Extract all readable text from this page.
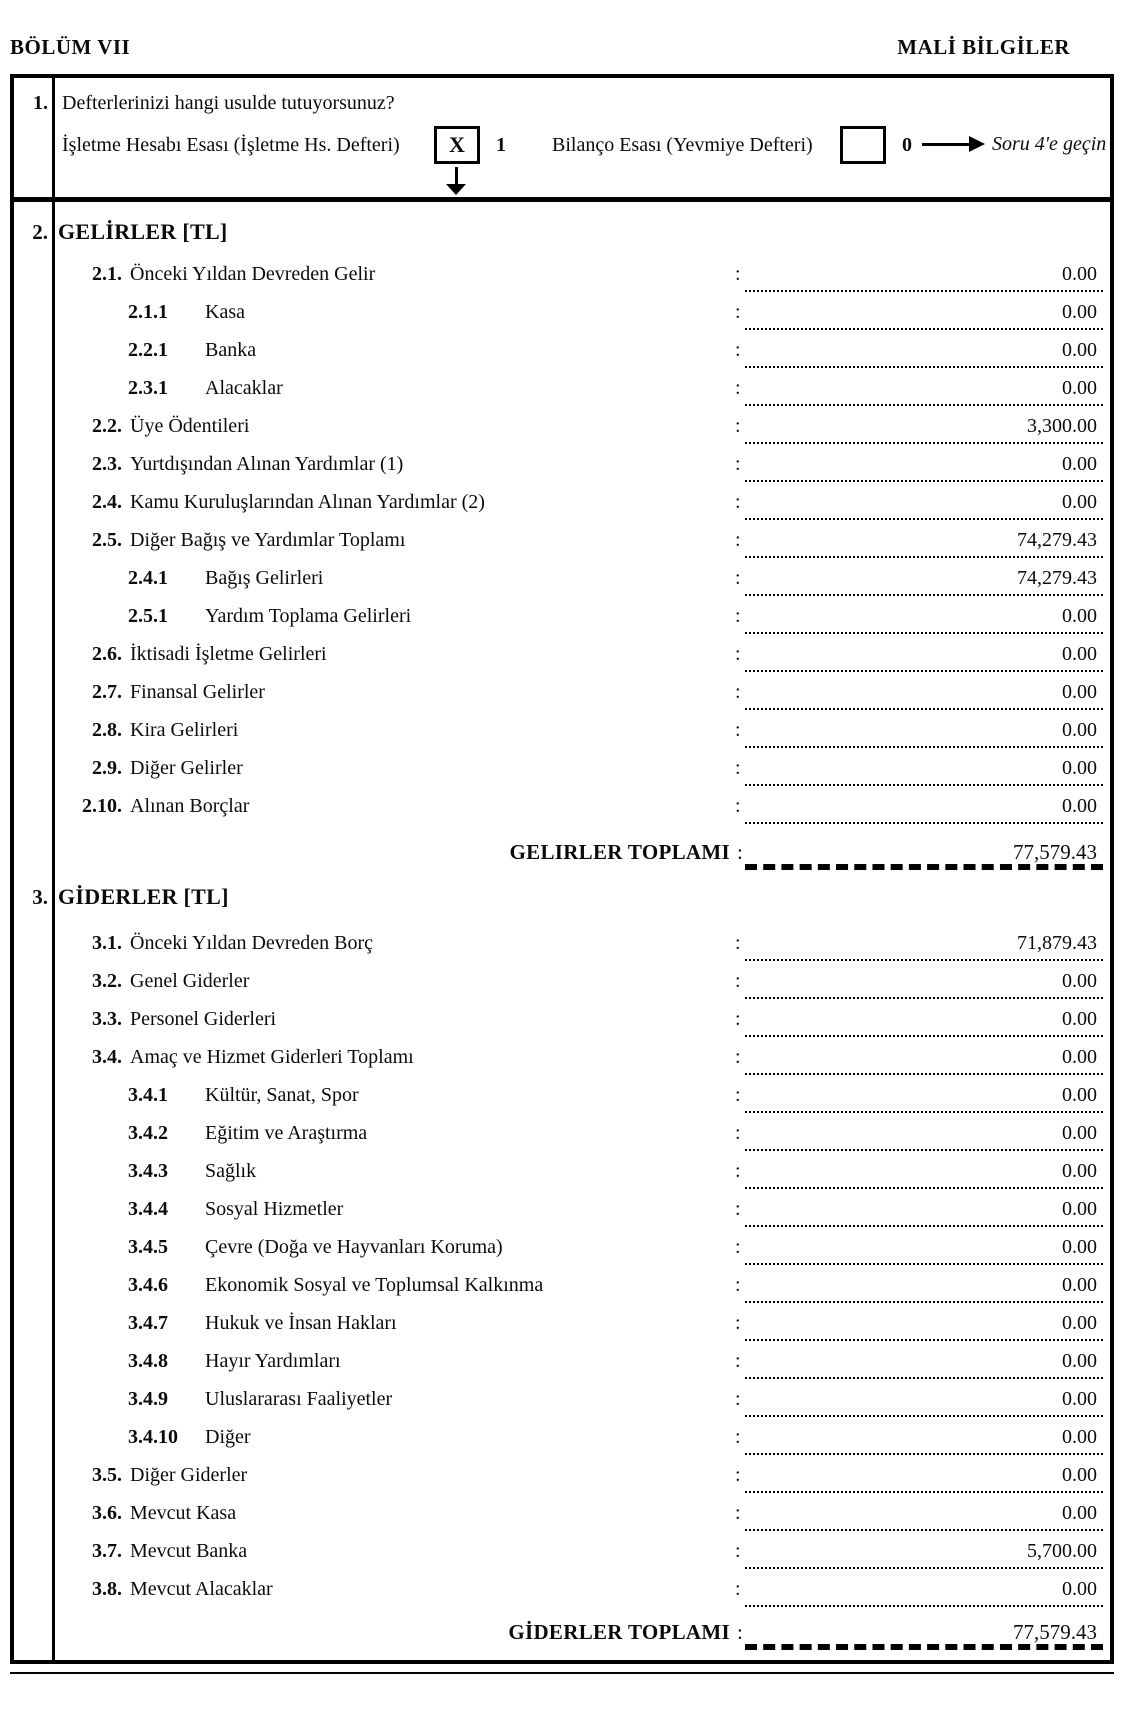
BÖLÜM VII	MALİ BİLGİLER
1. Defterlerinizi hangi usulde tutuyorsunuz?
İşletme Hesabı Esası (İşletme Hs. Defteri)	X	1 Bilanço Esası (Yevmiye Defteri)	0	Soru 4'e geçin
2. GELİRLER [TL]
2.1. Önceki Yıldan Devreden Gelir	:	0.00
2.1.1 Kasa	:	0.00
2.2.1 Banka	:	0.00
2.3.1 Alacaklar	:	0.00
2.2. Üye Ödentileri	:	3,300.00
2.3. Yurtdışından Alınan Yardımlar (1)	:	0.00
2.4. Kamu Kuruluşlarından Alınan Yardımlar (2)	:	0.00
2.5. Diğer Bağış ve Yardımlar Toplamı	:	74,279.43
2.4.1 Bağış Gelirleri	:	74,279.43
2.5.1 Yardım Toplama Gelirleri	:	0.00
2.6. İktisadi İşletme Gelirleri	:	0.00
2.7. Finansal Gelirler	:	0.00
2.8. Kira Gelirleri	:	0.00
2.9. Diğer Gelirler	:	0.00
2.10. Alınan Borçlar	:	0.00
GELIRLER TOPLAMI :	77,579.43
3. GİDERLER [TL]
3.1. Önceki Yıldan Devreden Borç	:	71,879.43
3.2. Genel Giderler	:	0.00
3.3. Personel Giderleri	:	0.00
3.4. Amaç ve Hizmet Giderleri Toplamı	:	0.00
3.4.1 Kültür, Sanat, Spor	:	0.00
3.4.2 Eğitim ve Araştırma	:	0.00
3.4.3 Sağlık	:	0.00
3.4.4 Sosyal Hizmetler	:	0.00
3.4.5 Çevre (Doğa ve Hayvanları Koruma)	:	0.00
3.4.6 Ekonomik Sosyal ve Toplumsal Kalkınma	:	0.00
3.4.7 Hukuk ve İnsan Hakları	:	0.00
3.4.8 Hayır Yardımları	:	0.00
3.4.9 Uluslararası Faaliyetler	:	0.00
3.4.10 Diğer	:	0.00
3.5. Diğer Giderler	:	0.00
3.6. Mevcut Kasa	:	0.00
3.7. Mevcut Banka	:	5,700.00
3.8. Mevcut Alacaklar	:	0.00
GİDERLER TOPLAMI :	77,579.43
